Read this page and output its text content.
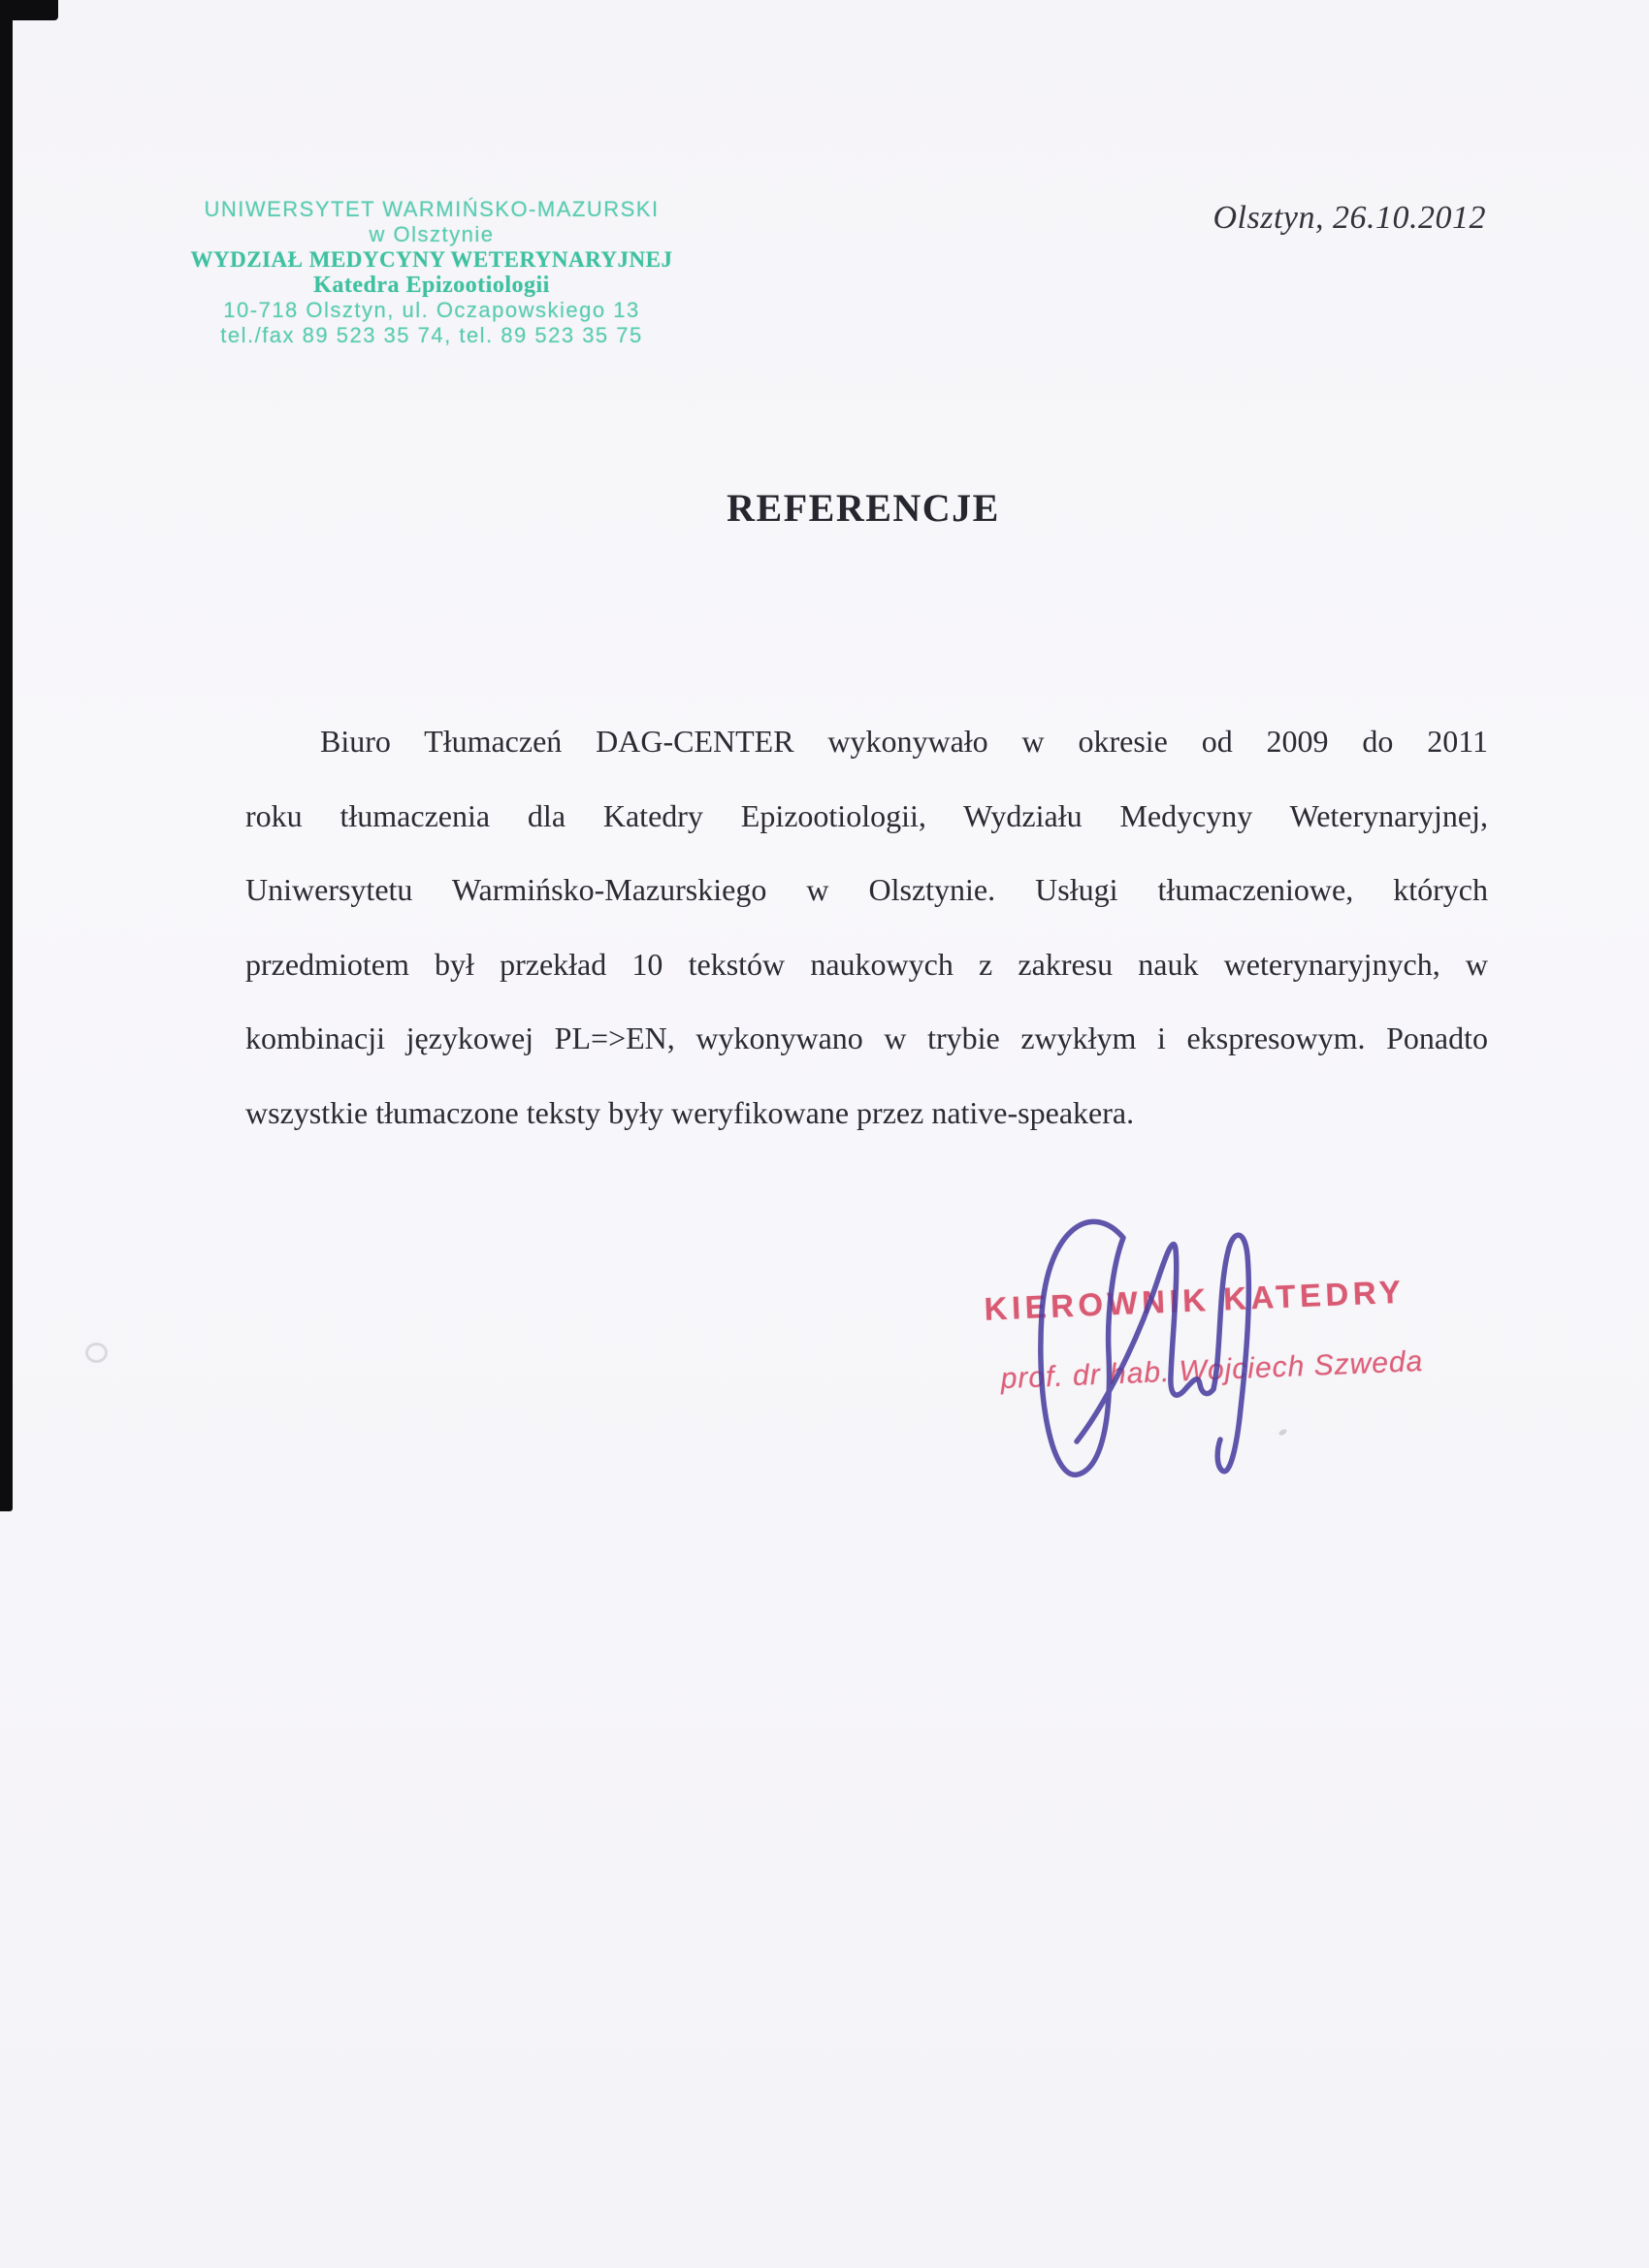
UNIWERSYTET WARMIŃSKO-MAZURSKI
w Olsztynie
WYDZIAŁ MEDYCYNY WETERYNARYJNEJ
Katedra Epizootiologii
10-718 Olsztyn, ul. Oczapowskiego 13
tel./fax 89 523 35 74, tel. 89 523 35 75
Olsztyn, 26.10.2012
REFERENCJE
Biuro Tłumaczeń DAG-CENTER wykonywało w okresie od 2009 do 2011
roku tłumaczenia dla Katedry Epizootiologii, Wydziału Medycyny Weterynaryjnej,
Uniwersytetu Warmińsko-Mazurskiego w Olsztynie. Usługi tłumaczeniowe, których
przedmiotem był przekład 10 tekstów naukowych z zakresu nauk weterynaryjnych, w
kombinacji językowej PL=>EN, wykonywano w trybie zwykłym i ekspresowym. Ponadto
wszystkie tłumaczone teksty były weryfikowane przez native-speakera.
KIEROWNIK KATEDRY
prof. dr hab. Wojciech Szweda
